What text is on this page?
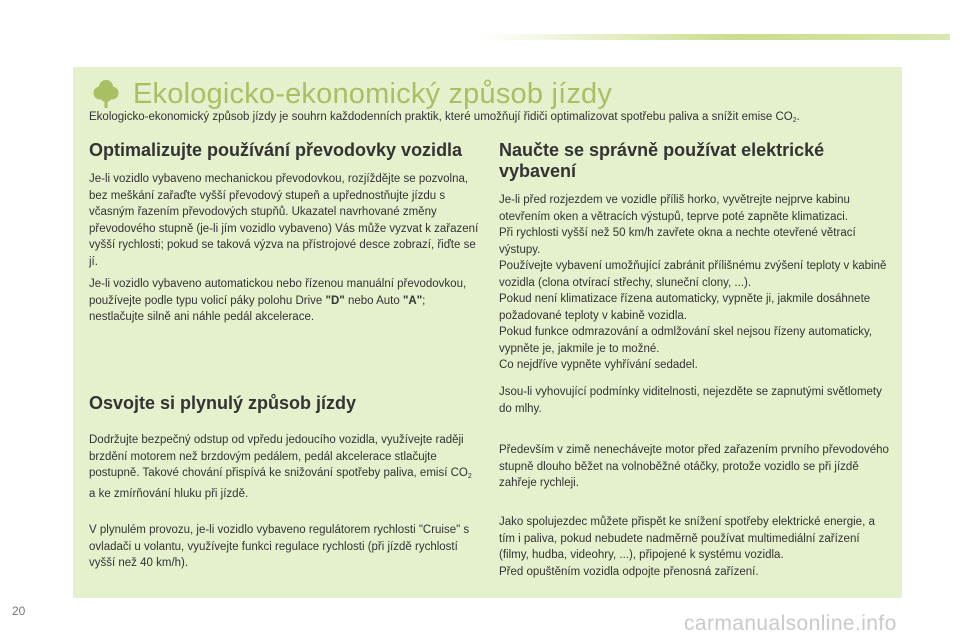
Ekologicko-ekonomický způsob jízdy
Ekologicko-ekonomický způsob jízdy je souhrn každodenních praktik, které umožňují řidiči optimalizovat spotřebu paliva a snížit emise $CO_2$.
Optimalizujte používání převodovky vozidla

Je-li vozidlo vybaveno mechanickou převodovkou, rozjíždějte se pozvolna, bez meškání zařaďte vyšší převodový stupeň a upřednostňujte jízdu s včasným řazením převodových stupňů. Ukazatel navrhované změny převodového stupně (je-li jím vozidlo vybaveno) Vás může vyzvat k zařazení vyšší rychlosti; pokud se taková výzva na přístrojové desce zobrazí, řiďte se jí.

Je-li vozidlo vybaveno automatickou nebo řízenou manuální převodovkou, používejte podle typu volicí páky polohu Drive "D" nebo Auto "A"; nestlačujte silně ani náhle pedál akcelerace.

Osvojte si plynulý způsob jízdy

Dodržujte bezpečný odstup od vpředu jedoucího vozidla, využívejte raději brzdění motorem než brzdovým pedálem, pedál akcelerace stlačujte postupně. Takové chování přispívá ke snižování spotřeby paliva, emisí $CO_2$ a ke zmírňování hluku při jízdě.

V plynulém provozu, je-li vozidlo vybaveno regulátorem rychlosti "Cruise" s ovladači u volantu, využívejte funkci regulace rychlosti (při jízdě rychlostí vyšší než 40 km/h).

Naučte se správně používat elektrické vybavení

Je-li před rozjezdem ve vozidle příliš horko, vyvětrejte nejprve kabinu otevřením oken a větracích výstupů, teprve poté zapněte klimatizaci.

Při rychlosti vyšší než 50 km/h zavřete okna a nechte otevřené větrací výstupy.

Používejte vybavení umožňující zabránit přílišnému zvýšení teploty v kabině vozidla (clona otvírací střechy, sluneční clony, ...).

Pokud není klimatizace řízena automaticky, vypněte ji, jakmile dosáhnete požadované teploty v kabině vozidla.

Pokud funkce odmrazování a odmlžování skel nejsou řízeny automaticky, vypněte je, jakmile je to možné.

Co nejdříve vypněte vyhřívání sedadel.

Jsou-li vyhovující podmínky viditelnosti, nejezděte se zapnutými světlomety do mlhy.

Především v zimě nenechávejte motor před zařazením prvního převodového stupně dlouho běžet na volnoběžné otáčky, protože vozidlo se při jízdě zahřeje rychleji.

Jako spolujezdec můžete přispět ke snížení spotřeby elektrické energie, a tím i paliva, pokud nebudete nadměrně používat multimediální zařízení (filmy, hudba, videohry, ...), připojené k systému vozidla.

Před opuštěním vozidla odpojte přenosná zařízení.

20
carmanualsonline.info
